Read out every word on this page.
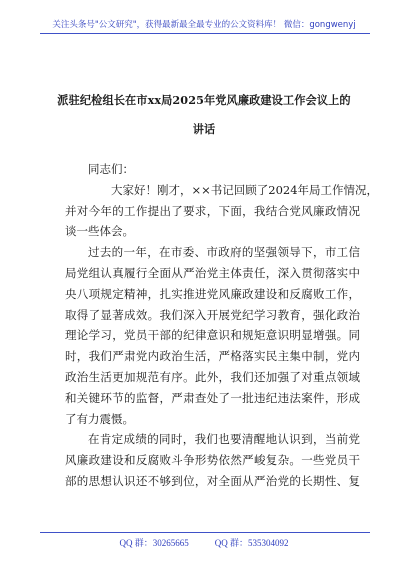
关注头条号"公文研究"，获得最新最全最专业的公文资料库！ 微信：gongwenyj
派驻纪检组长在市xx局2025年党风廉政建设工作会议上的
讲话
同志们：
大家好！刚才，××书记回顾了2024年局工作情况，
并对今年的工作提出了要求，下面，我结合党风廉政情况
谈一些体会。
过去的一年，在市委、市政府的坚强领导下，市工信
局党组认真履行全面从严治党主体责任，深入贯彻落实中
央八项规定精神，扎实推进党风廉政建设和反腐败工作，
取得了显著成效。我们深入开展党纪学习教育，强化政治
理论学习，党员干部的纪律意识和规矩意识明显增强。同
时，我们严肃党内政治生活，严格落实民主集中制，党内
政治生活更加规范有序。此外，我们还加强了对重点领域
和关键环节的监督，严肃查处了一批违纪违法案件，形成
了有力震慑。
在肯定成绩的同时，我们也要清醒地认识到，当前党
风廉政建设和反腐败斗争形势依然严峻复杂。一些党员干
部的思想认识还不够到位，对全面从严治党的长期性、复
QQ 群：30265665	QQ 群：535304092
